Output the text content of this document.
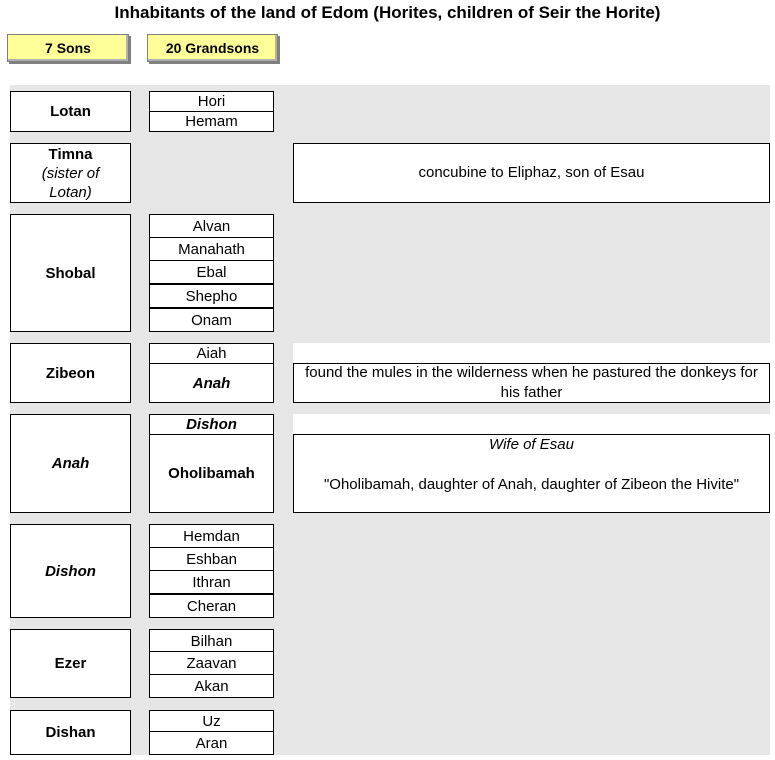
Inhabitants of the land of Edom (Horites, children of Seir the Horite)
7 Sons	20 Grandsons
Lotan
Hori
Hemam
Timna
(sister of Lotan)
concubine to Eliphaz, son of Esau
Shobal
Alvan
Manahath
Ebal
Shepho
Onam
Zibeon
Aiah
Anah
found the mules in the wilderness when he pastured the donkeys for his father
Anah
Dishon
Oholibamah
Wife of Esau
"Oholibamah, daughter of Anah, daughter of Zibeon the Hivite"
Dishon
Hemdan
Eshban
Ithran
Cheran
Ezer
Bilhan
Zaavan
Akan
Dishan
Uz
Aran
